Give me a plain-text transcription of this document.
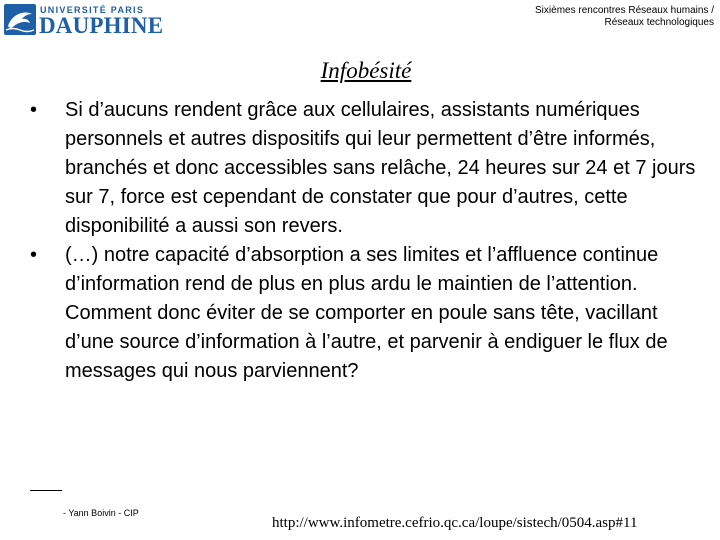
UNIVERSITÉ PARIS
DAUPHINE
Sixièmes rencontres Réseaux humains /
Réseaux technologiques
Infobésité
•	Si d’aucuns rendent grâce aux cellulaires, assistants numériques personnels et autres dispositifs qui leur permettent d’être informés, branchés et donc accessibles sans relâche, 24 heures sur 24 et 7 jours sur 7, force est cependant de constater que pour d’autres, cette disponibilité a aussi son revers.
•	(…) notre capacité d’absorption a ses limites et l’affluence continue d’information rend de plus en plus ardu le maintien de l’attention. Comment donc éviter de se comporter en poule sans tête, vacillant d’une source d’information à l’autre, et parvenir à endiguer le flux de messages qui nous parviennent?
- Yann Boivin - CIP
http://www.infometre.cefrio.qc.ca/loupe/sistech/0504.asp#11
